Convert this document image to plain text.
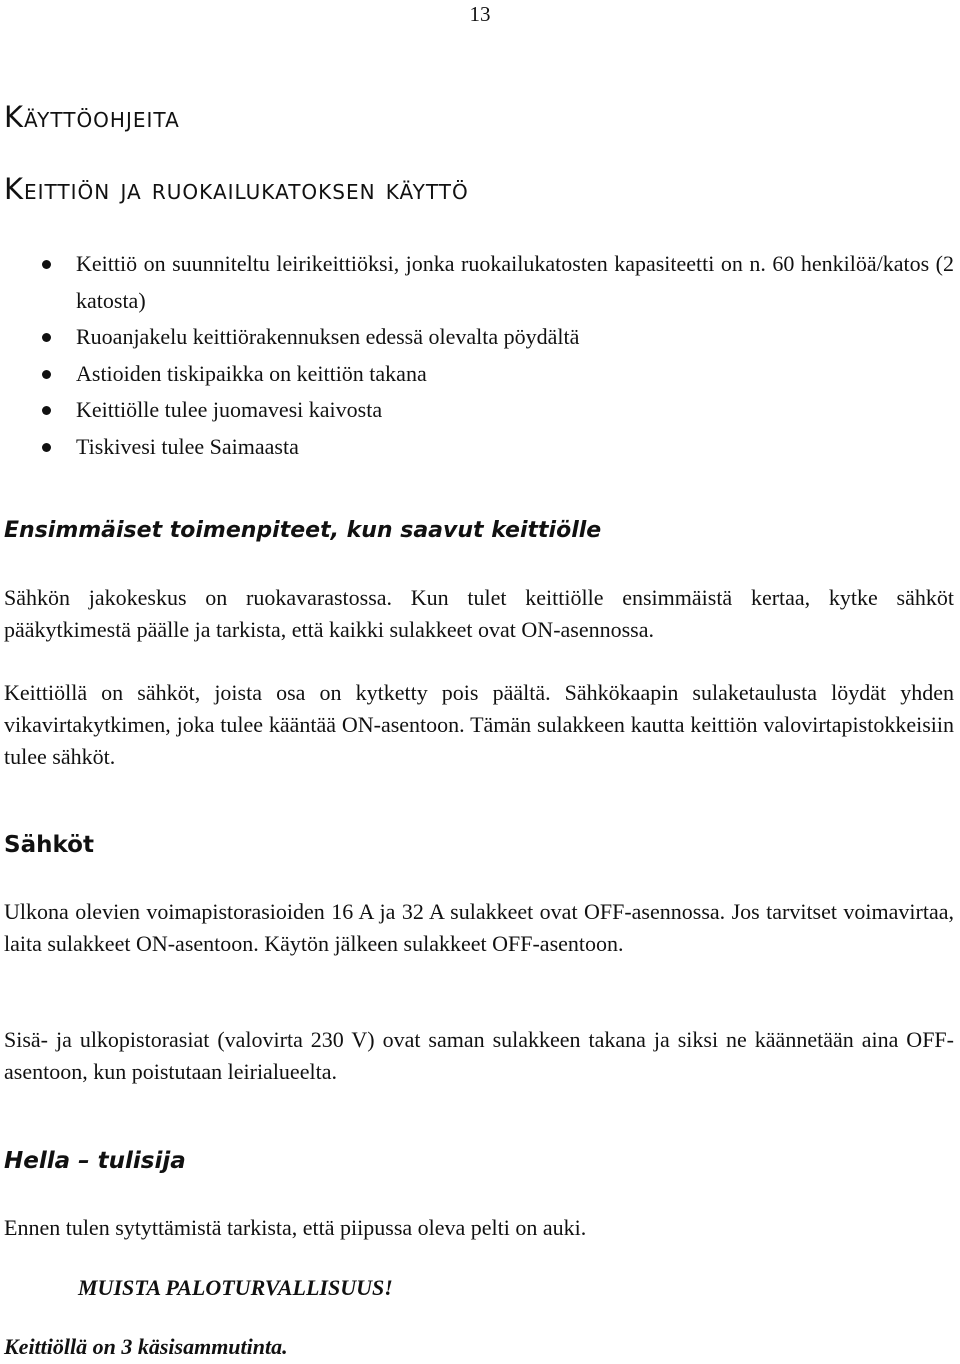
13
Käyttöohjeita
Keittiön ja ruokailukatoksen käyttö
Keittiö on suunniteltu leirikeittiöksi, jonka ruokailukatosten kapasiteetti on n. 60 henkilöä/katos (2 katosta)
Ruoanjakelu keittiörakennuksen edessä olevalta pöydältä
Astioiden tiskipaikka on keittiön takana
Keittiölle tulee juomavesi kaivosta
Tiskivesi tulee Saimaasta
Ensimmäiset toimenpiteet, kun saavut keittiölle

Sähkön jakokeskus on ruokavarastossa. Kun tulet keittiölle ensimmäistä kertaa, kytke sähköt pääkytkimestä päälle ja tarkista, että kaikki sulakkeet ovat ON-asennossa.

Keittiöllä on sähköt, joista osa on kytketty pois päältä. Sähkökaapin sulaketaulusta löydät yhden vikavirtakytkimen, joka tulee kääntää ON-asentoon. Tämän sulakkeen kautta keittiön valovirtapistokkeisiin tulee sähköt.

Sähköt

Ulkona olevien voimapistorasioiden 16 A ja 32 A sulakkeet ovat OFF-asennossa. Jos tarvitset voimavirtaa, laita sulakkeet ON-asentoon. Käytön jälkeen sulakkeet OFF-asentoon.

Sisä- ja ulkopistorasiat (valovirta 230 V) ovat saman sulakkeen takana ja siksi ne käännetään aina OFF-asentoon, kun poistutaan leirialueelta.

Hella – tulisija

Ennen tulen sytyttämistä tarkista, että piipussa oleva pelti on auki.

MUISTA PALOTURVALLISUUS!

Keittiöllä on 3 käsisammutinta.
